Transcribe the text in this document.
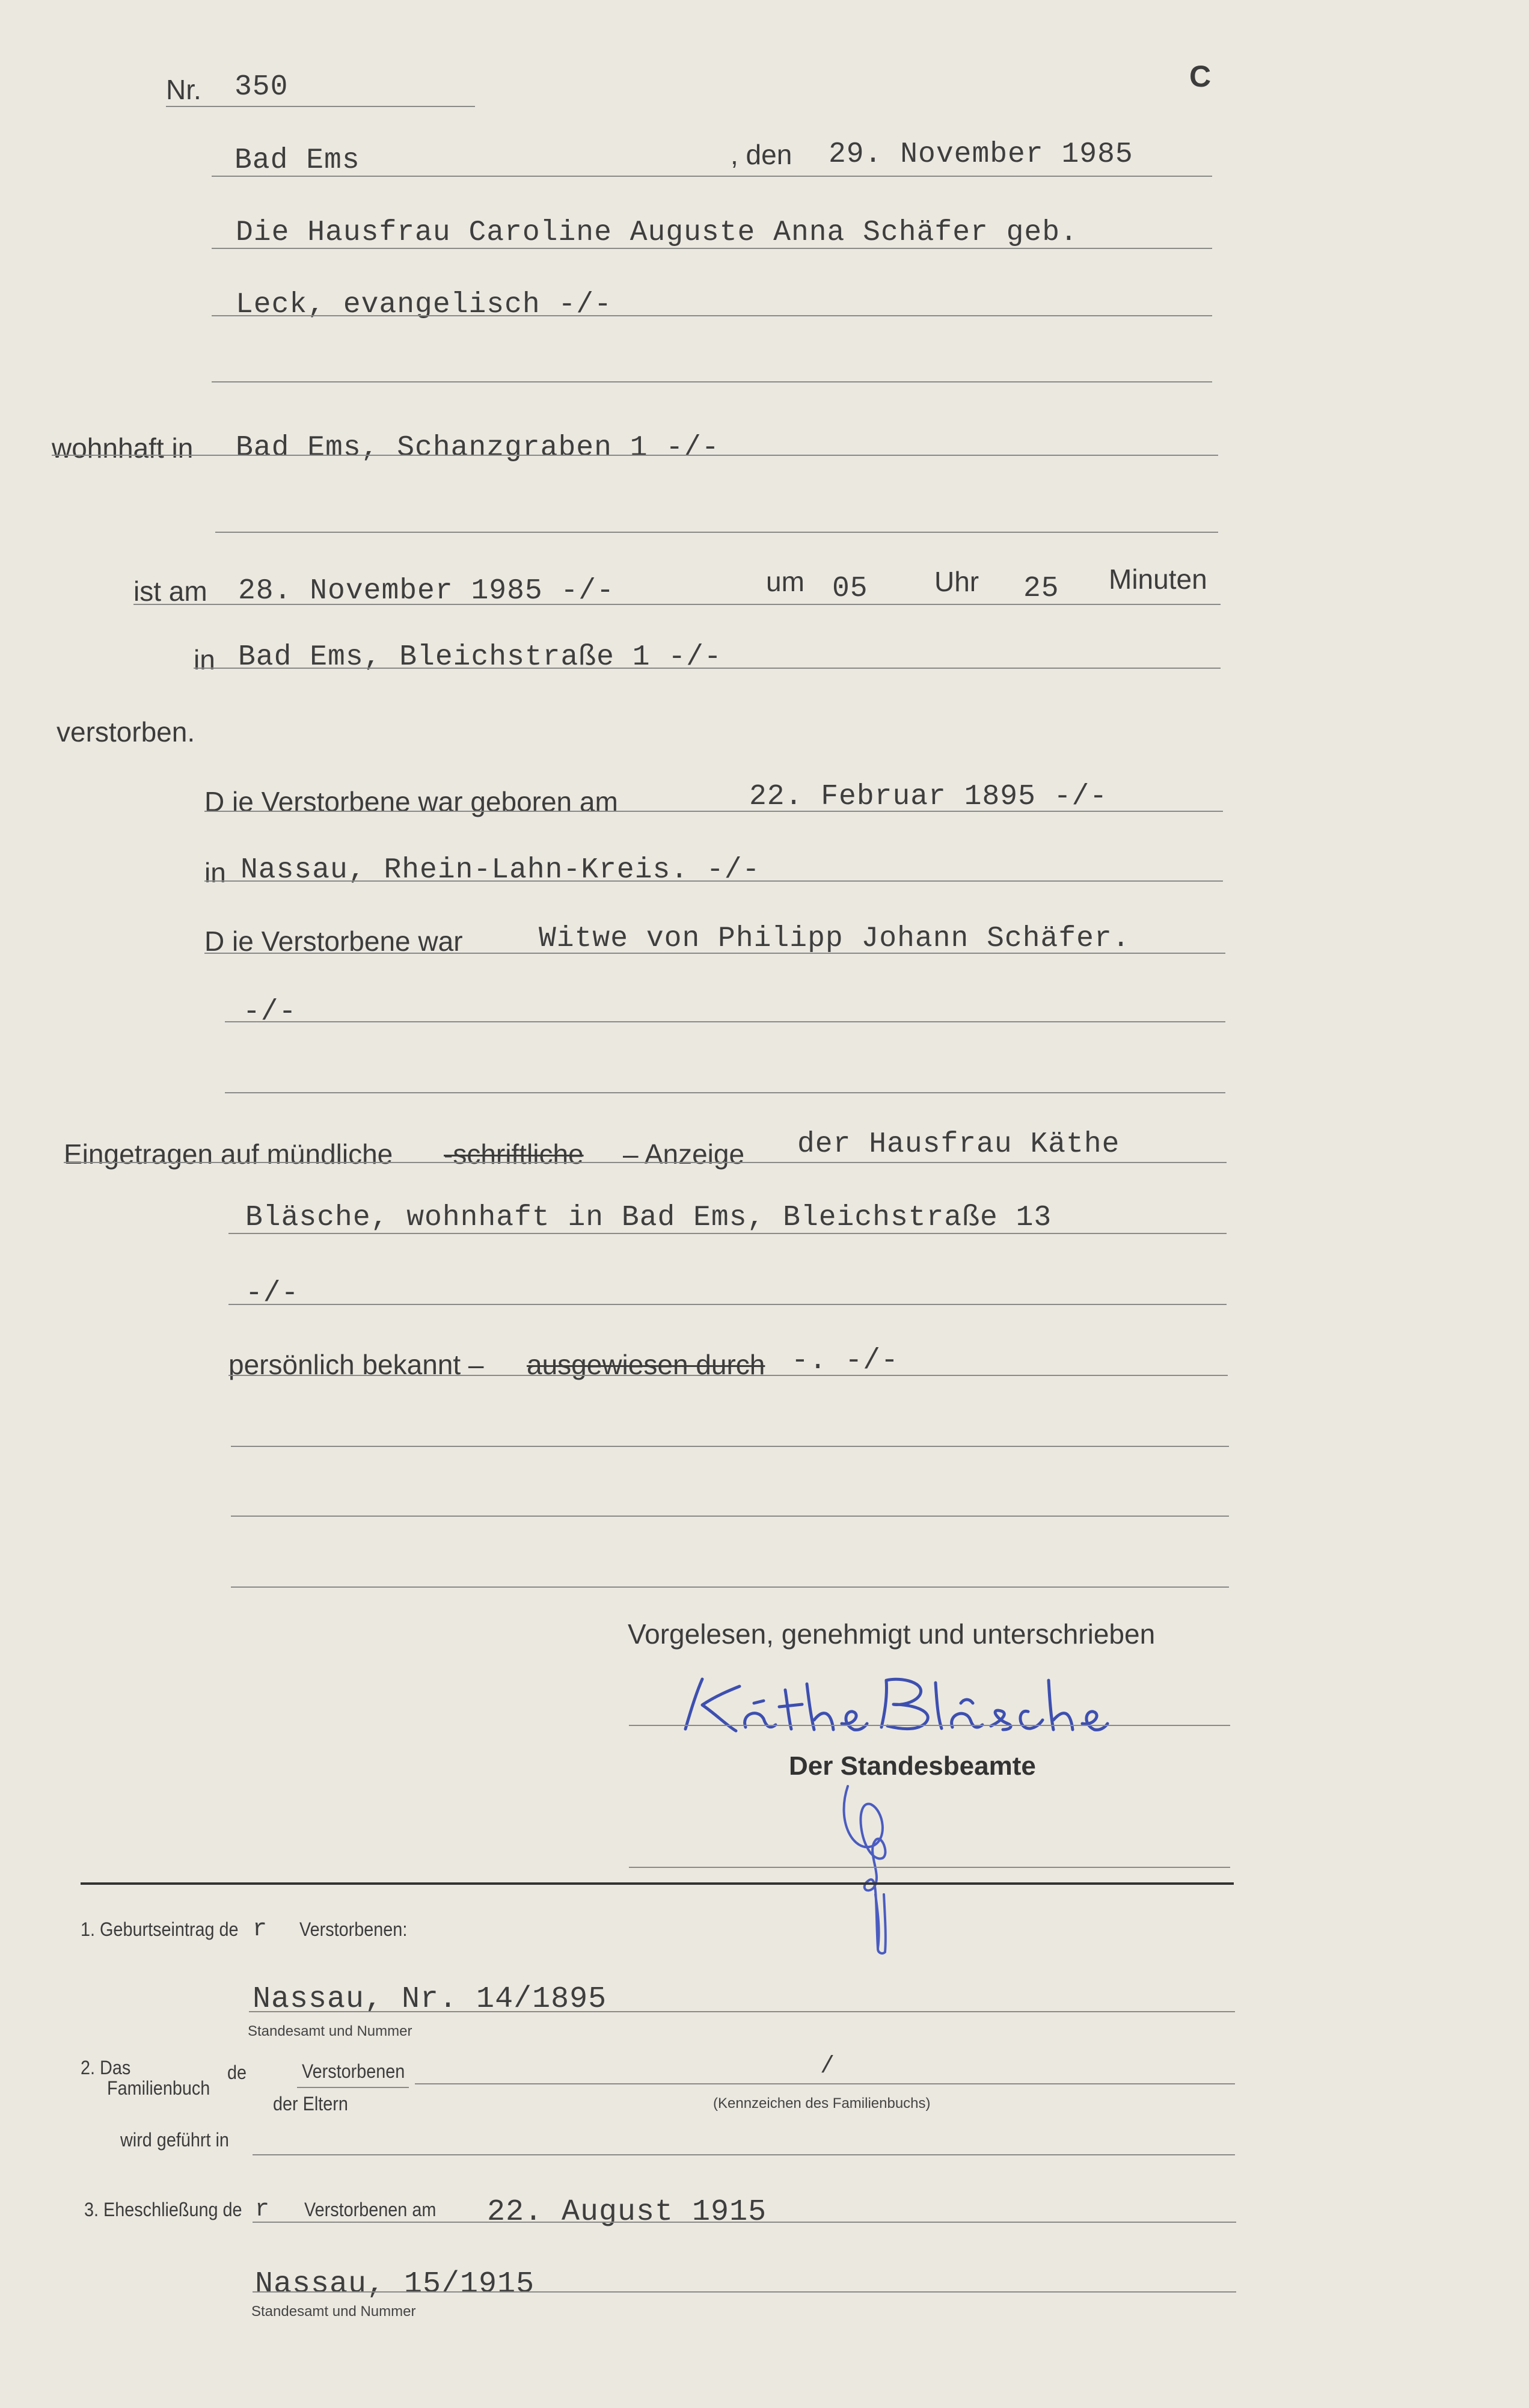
C
Nr. 350
Bad Ems	, den 29. November 1985
Die Hausfrau Caroline Auguste Anna Schäfer geb.
Leck, evangelisch -/-
wohnhaft in Bad Ems, Schanzgraben 1 -/-
ist am 28. November 1985 -/-	um 05 Uhr 25 Minuten
in Bad Ems, Bleichstraße 1 -/-
verstorben.
D ie Verstorbene war geboren am	22. Februar 1895 -/-
in Nassau, Rhein-Lahn-Kreis. -/-
D ie Verstorbene war	Witwe von Philipp Johann Schäfer.
-/-
Eingetragen auf mündliche -schriftliche – Anzeige der Hausfrau Käthe
Bläsche, wohnhaft in Bad Ems, Bleichstraße 13
-/-
persönlich bekannt – ausgewiesen durch -. -/-
Vorgelesen, genehmigt und unterschrieben
Der Standesbeamte
1. Geburtseintrag de r Verstorbenen:
Nassau, Nr. 14/1895
Standesamt und Nummer
2. Das
Familienbuch
de	Verstorbenen	/
der Eltern	(Kennzeichen des Familienbuchs)
wird geführt in
3. Eheschließung de r Verstorbenen am 22. August 1915
Nassau, 15/1915
Standesamt und Nummer
